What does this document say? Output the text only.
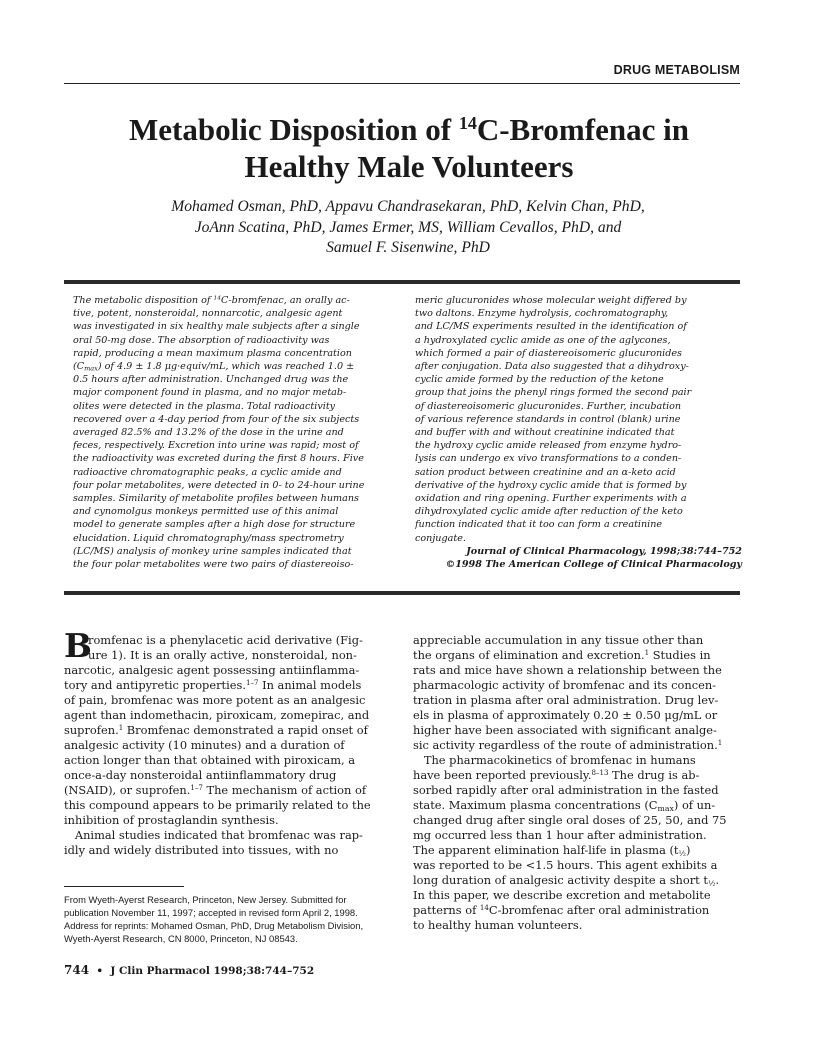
DRUG METABOLISM
Metabolic Disposition of $^{14}$C-Bromfenac in
Healthy Male Volunteers
Mohamed Osman, PhD, Appavu Chandrasekaran, PhD, Kelvin Chan, PhD,
JoAnn Scatina, PhD, James Ermer, MS, William Cevallos, PhD, and
Samuel F. Sisenwine, PhD
The metabolic disposition of $^{14}$C-bromfenac, an orally ac-
tive, potent, nonsteroidal, nonnarcotic, analgesic agent
was investigated in six healthy male subjects after a single
oral 50-mg dose. The absorption of radioactivity was
rapid, producing a mean maximum plasma concentration
$(C_{max})$ of 4.9 ± 1.8 μg·equiv/mL, which was reached 1.0 ±
0.5 hours after administration. Unchanged drug was the
major component found in plasma, and no major metab-
olites were detected in the plasma. Total radioactivity
recovered over a 4-day period from four of the six subjects
averaged 82.5% and 13.2% of the dose in the urine and
feces, respectively. Excretion into urine was rapid; most of
the radioactivity was excreted during the first 8 hours. Five
radioactive chromatographic peaks, a cyclic amide and
four polar metabolites, were detected in 0- to 24-hour urine
samples. Similarity of metabolite profiles between humans
and cynomolgus monkeys permitted use of this animal
model to generate samples after a high dose for structure
elucidation. Liquid chromatography/mass spectrometry
(LC/MS) analysis of monkey urine samples indicated that
the four polar metabolites were two pairs of diastereoiso-
meric glucuronides whose molecular weight differed by
two daltons. Enzyme hydrolysis, cochromatography,
and LC/MS experiments resulted in the identification of
a hydroxylated cyclic amide as one of the aglycones,
which formed a pair of diastereoisomeric glucuronides
after conjugation. Data also suggested that a dihydroxy-
cyclic amide formed by the reduction of the ketone
group that joins the phenyl rings formed the second pair
of diastereoisomeric glucuronides. Further, incubation
of various reference standards in control (blank) urine
and buffer with and without creatinine indicated that
the hydroxy cyclic amide released from enzyme hydro-
lysis can undergo ex vivo transformations to a conden-
sation product between creatinine and an α-keto acid
derivative of the hydroxy cyclic amide that is formed by
oxidation and ring opening. Further experiments with a
dihydroxylated cyclic amide after reduction of the keto
function indicated that it too can form a creatinine
conjugate.
Journal of Clinical Pharmacology, 1998;38:744–752
©1998 The American College of Clinical Pharmacology
B
romfenac is a phenylacetic acid derivative (Fig-
ure 1). It is an orally active, nonsteroidal, non-
narcotic, analgesic agent possessing antiinflamma-
tory and antipyretic properties.$^{1-7}$ In animal models
of pain, bromfenac was more potent as an analgesic
agent than indomethacin, piroxicam, zomepirac, and
suprofen.$^1$ Bromfenac demonstrated a rapid onset of
analgesic activity (10 minutes) and a duration of
action longer than that obtained with piroxicam, a
once-a-day nonsteroidal antiinflammatory drug
(NSAID), or suprofen.$^{1-7}$ The mechanism of action of
this compound appears to be primarily related to the
inhibition of prostaglandin synthesis.
Animal studies indicated that bromfenac was rap-
idly and widely distributed into tissues, with no
appreciable accumulation in any tissue other than
the organs of elimination and excretion.$^1$ Studies in
rats and mice have shown a relationship between the
pharmacologic activity of bromfenac and its concen-
tration in plasma after oral administration. Drug lev-
els in plasma of approximately 0.20 ± 0.50 μg/mL or
higher have been associated with significant analge-
sic activity regardless of the route of administration.$^1$
The pharmacokinetics of bromfenac in humans
have been reported previously.$^{8-13}$ The drug is ab-
sorbed rapidly after oral administration in the fasted
state. Maximum plasma concentrations $(C_{max})$ of un-
changed drug after single oral doses of 25, 50, and 75
mg occurred less than 1 hour after administration.
The apparent elimination half-life in plasma $(t_{\frac{1}{2}})$
was reported to be <1.5 hours. This agent exhibits a
long duration of analgesic activity despite a short $t_{\frac{1}{2}}$.
In this paper, we describe excretion and metabolite
patterns of $^{14}$C-bromfenac after oral administration
to healthy human volunteers.
From Wyeth-Ayerst Research, Princeton, New Jersey. Submitted for
publication November 11, 1997; accepted in revised form April 2, 1998.
Address for reprints: Mohamed Osman, PhD, Drug Metabolism Division,
Wyeth-Ayerst Research, CN 8000, Princeton, NJ 08543.
744 • J Clin Pharmacol 1998;38:744–752
